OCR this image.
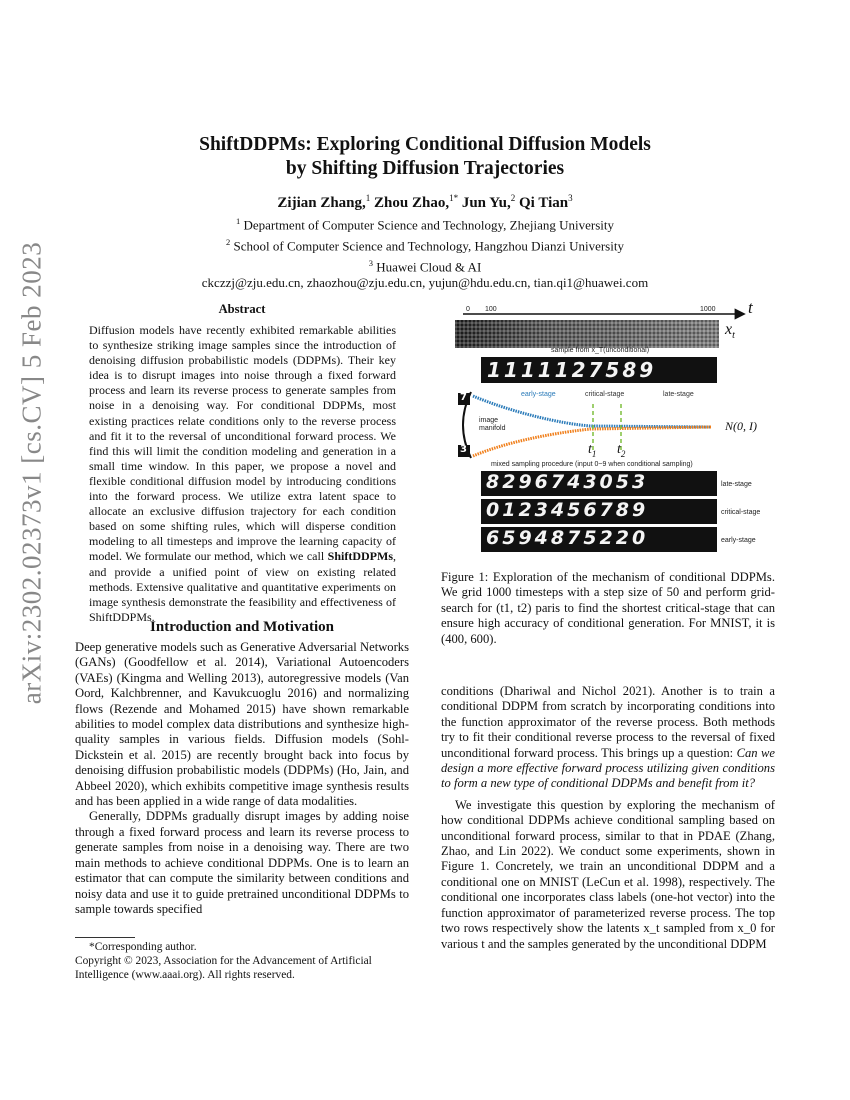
ShiftDDPMs: Exploring Conditional Diffusion Models
by Shifting Diffusion Trajectories
Zijian Zhang,$^1$ Zhou Zhao,$^{1*}$ Jun Yu,$^2$ Qi Tian$^3$
$^1$ Department of Computer Science and Technology, Zhejiang University
$^2$ School of Computer Science and Technology, Hangzhou Dianzi University
$^3$ Huawei Cloud & AI
ckczzj@zju.edu.cn, zhaozhou@zju.edu.cn, yujun@hdu.edu.cn, tian.qi1@huawei.com
arXiv:2302.02373v1 [cs.CV] 5 Feb 2023	Abstract
Diffusion models have recently exhibited remarkable abilities to synthesize striking image samples since the introduction of denoising diffusion probabilistic models (DDPMs). Their key idea is to disrupt images into noise through a fixed forward process and learn its reverse process to generate samples from noise in a denoising way. For conditional DDPMs, most existing practices relate conditions only to the reverse process and fit it to the reversal of unconditional forward process. We find this will limit the condition modeling and generation in a small time window. In this paper, we propose a novel and flexible conditional diffusion model by introducing conditions into the forward process. We utilize extra latent space to allocate an exclusive diffusion trajectory for each condition based on some shifting rules, which will disperse condition modeling to all timesteps and improve the learning capacity of model. We formulate our method, which we call ShiftDDPMs, and provide a unified point of view on existing related methods. Extensive qualitative and quantitative experiments on image synthesis demonstrate the feasibility and effectiveness of ShiftDDPMs.
Introduction and Motivation

Deep generative models such as Generative Adversarial Networks (GANs) (Goodfellow et al. 2014), Variational Autoencoders (VAEs) (Kingma and Welling 2013), autoregressive models (Van Oord, Kalchbrenner, and Kavukcuoglu 2016) and normalizing flows (Rezende and Mohamed 2015) have shown remarkable abilities to model complex data distributions and synthesize high-quality samples in various fields. Diffusion models (Sohl-Dickstein et al. 2015) are recently brought back into focus by denoising diffusion probabilistic models (DDPMs) (Ho, Jain, and Abbeel 2020), which exhibits competitive image synthesis results and has been applied in a wide range of data modalities.

Generally, DDPMs gradually disrupt images by adding noise through a fixed forward process and learn its reverse process to generate samples from noise in a denoising way. There are two main methods to achieve conditional DDPMs. One is to learn an estimator that can compute the similarity between conditions and noisy data and use it to guide pretrained unconditional DDPMs to sample towards specified

*Corresponding author.
Copyright © 2023, Association for the Advancement of Artificial Intelligence (www.aaai.org). All rights reserved.
0 100	1000 t
$x_t$
sample from x_T(unconditional)
1111127589
early-stage	critical-stage	late-stage
image
manifold
7
3
N(0, I)
$t_1$ $t_2$
mixed sampling procedure (input 0~9 when conditional sampling)
8296743053	late-stage
0123456789	critical-stage
6594875220	early-stage
Figure 1: Exploration of the mechanism of conditional DDPMs. We grid 1000 timesteps with a step size of 50 and perform grid-search for (t1, t2) paris to find the shortest critical-stage that can ensure high accuracy of conditional generation. For MNIST, it is (400, 600).

conditions (Dhariwal and Nichol 2021). Another is to train a conditional DDPM from scratch by incorporating conditions into the function approximator of the reverse process. Both methods try to fit their conditional reverse process to the reversal of fixed unconditional forward process. This brings up a question: Can we design a more effective forward process utilizing given conditions to form a new type of conditional DDPMs and benefit from it?

We investigate this question by exploring the mechanism of how conditional DDPMs achieve conditional sampling based on unconditional forward process, similar to that in PDAE (Zhang, Zhao, and Lin 2022). We conduct some experiments, shown in Figure 1. Concretely, we train an unconditional DDPM and a conditional one on MNIST (LeCun et al. 1998), respectively. The conditional one incorporates class labels (one-hot vector) into the function approximator of parameterized reverse process. The top two rows respectively show the latents x_t sampled from x_0 for various t and the samples generated by the unconditional DDPM
